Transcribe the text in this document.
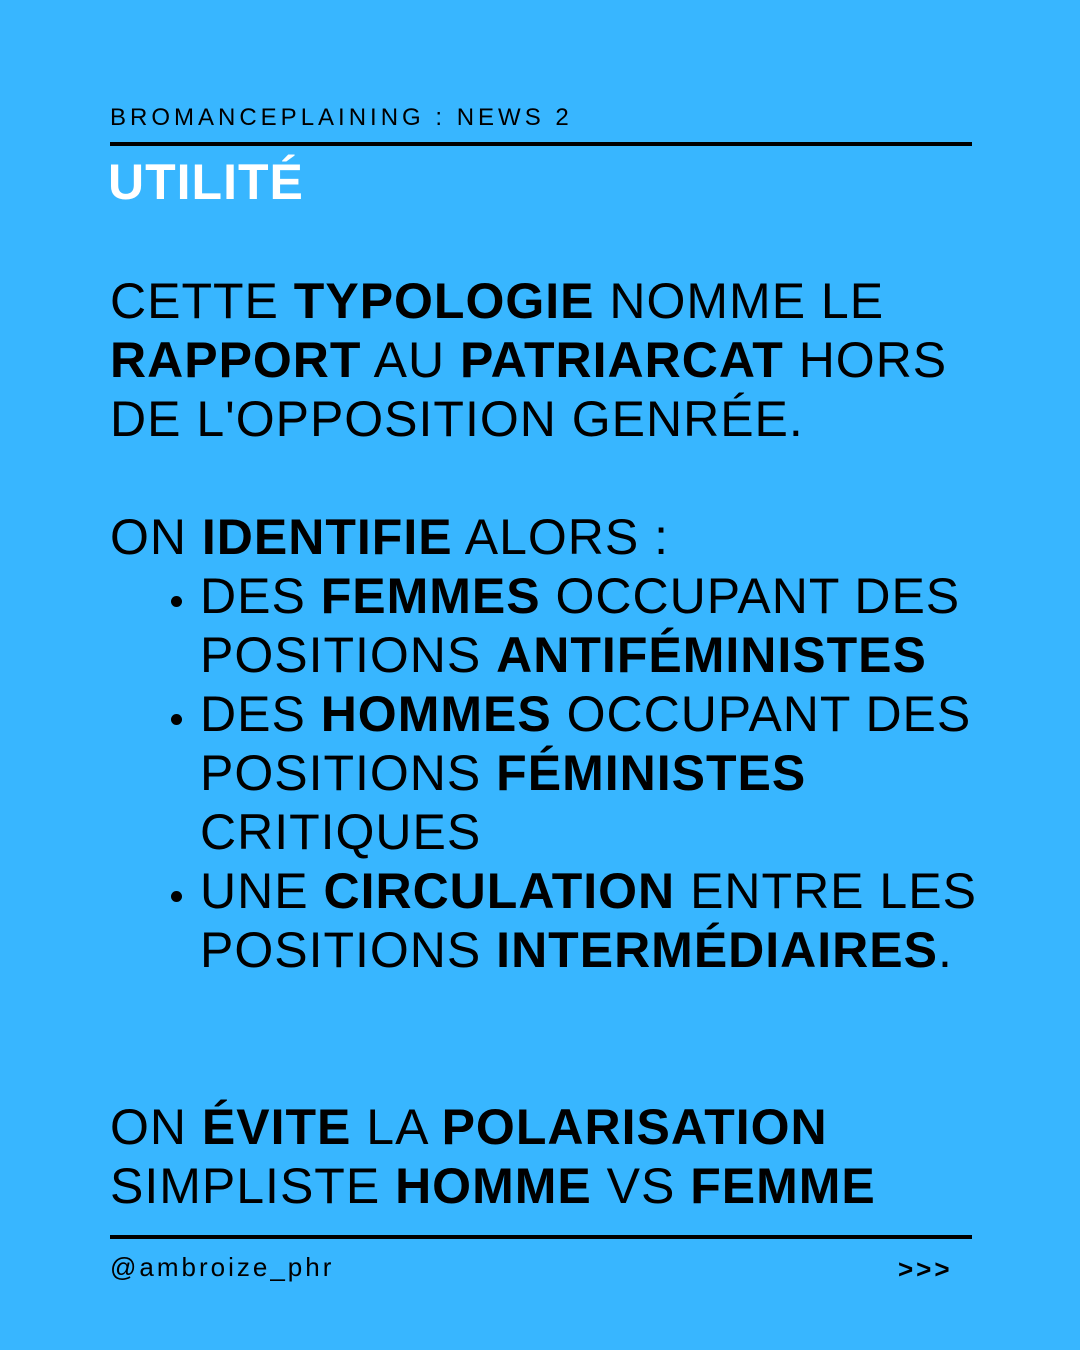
BROMANCEPLAINING : NEWS 2
UTILITÉ
CETTE TYPOLOGIE NOMME LE RAPPORT AU PATRIARCAT HORS DE L'OPPOSITION GENRÉE.
ON IDENTIFIE ALORS :
• DES FEMMES OCCUPANT DES POSITIONS ANTIFÉMINISTES
• DES HOMMES OCCUPANT DES POSITIONS FÉMINISTES CRITIQUES
• UNE CIRCULATION ENTRE LES POSITIONS INTERMÉDIAIRES.
ON ÉVITE LA POLARISATION SIMPLISTE HOMME VS FEMME
@ambroize_phr	>>>
